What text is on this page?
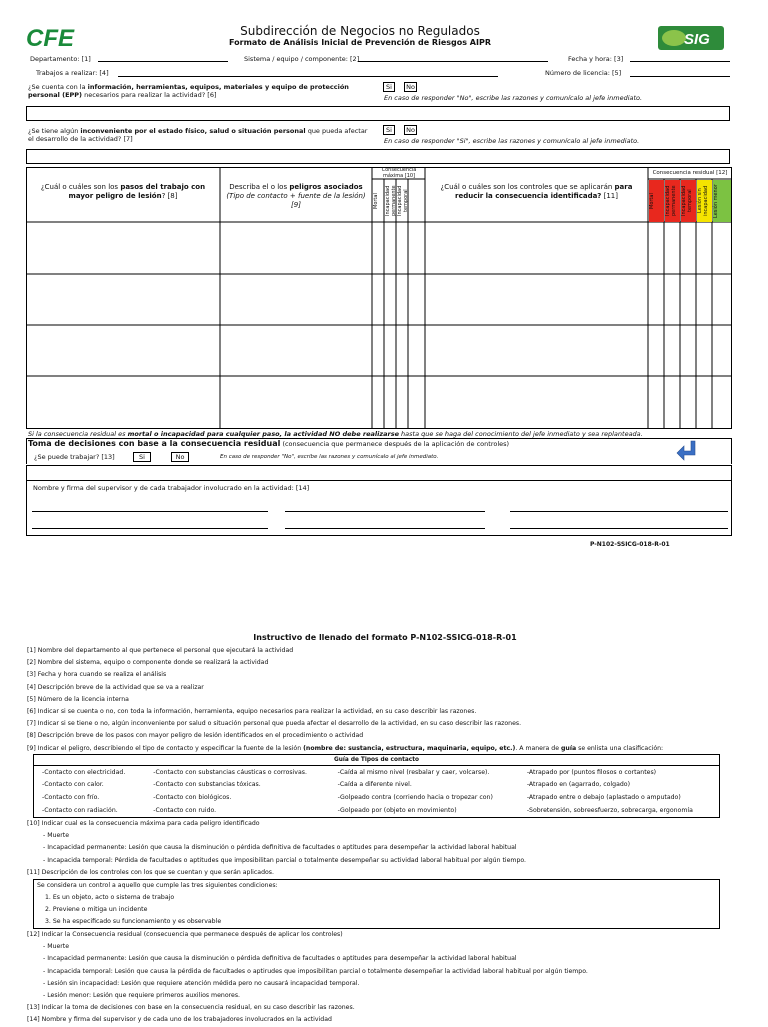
CFE	Subdirección de Negocios no Regulados
Formato de Análisis Inicial de Prevención de Riesgos AIPR	SIG
Departamento: [1]	Sistema / equipo / componente: [2]	Fecha y hora: [3]
Trabajos a realizar: [4]	Número de licencia: [5]
¿Se cuenta con la información, herramientas, equipos, materiales y equipo de protección personal (EPP) necesarios para realizar la actividad? [6]
Si	No
En caso de responder "No", escribe las razones y comunícalo al jefe inmediato.
¿Se tiene algún inconveniente por el estado físico, salud o situación personal que pueda afectar el desarrollo de la actividad? [7]
Si	No
En caso de responder "Si", escribe las razones y comunícalo al jefe inmediato.
¿Cuál o cuáles son los pasos del trabajo con mayor peligro de lesión? [8]
Describa el o los peligros asociados
(Tipo de contacto + fuente de la lesión) [9]
Consecuencia máxima [10]
Mortal	Incapacidad permanente Incapacidad temporal
¿Cuál o cuáles son los controles que se aplicarán para reducir la consecuencia identificada? [11]
Consecuencia residual [12]
Mortal	Incapacidad permanente Incapacidad temporal Lesión sin incapacidad Lesión menor
Si la consecuencia residual es mortal o incapacidad para cualquier paso, la actividad NO debe realizarse hasta que se haga del conocimiento del jefe inmediato y sea replanteada.
Toma de decisiones con base a la consecuencia residual (consecuencia que permanece después de la aplicación de controles)
¿Se puede trabajar? [13]	Si	No	En caso de responder "No", escribe las razones y comunícalo al jefe inmediato.
Nombre y firma del supervisor y de cada trabajador involucrado en la actividad: [14]
P-N102-SSICG-018-R-01
Instructivo de llenado del formato P-N102-SSICG-018-R-01
[1] Nombre del departamento al que pertenece el personal que ejecutará la actividad
[2] Nombre del sistema, equipo o componente donde se realizará la actividad
[3] Fecha y hora cuando se realiza el análisis
[4] Descripción breve de la actividad que se va a realizar
[5] Número de la licencia interna
[6] Indicar si se cuenta o no, con toda la información, herramienta, equipo necesarios para realizar la actividad, en su caso describir las razones.
[7] Indicar si se tiene o no, algún inconveniente por salud o situación personal que pueda afectar el desarrollo de la actividad, en su caso describir las razones.
[8] Descripción breve de los pasos con mayor peligro de lesión identificados en el procedimiento o actividad
[9] Indicar el peligro, describiendo el tipo de contacto y especificar la fuente de la lesión (nombre de: sustancia, estructura, maquinaria, equipo, etc.). A manera de guía se enlista una clasificación:
Guía de Tipos de contacto
-Contacto con electricidad.	-Contacto con substancias cáusticas o corrosivas.	-Caída al mismo nivel (resbalar y caer, volcarse).	-Atrapado por (puntos filosos o cortantes)
-Contacto con calor.	-Contacto con substancias tóxicas.	-Caída a diferente nivel.	-Atrapado en (agarrado, colgado)
-Contacto con frío.	-Contacto con biológicos.	-Golpeado contra (corriendo hacia o tropezar con)	-Atrapado entre o debajo (aplastado o amputado)
-Contacto con radiación.	-Contacto con ruido.	-Golpeado por (objeto en movimiento)	-Sobretensión, sobreesfuerzo, sobrecarga, ergonomía
[10] Indicar cual es la consecuencia máxima para cada peligro identificado
- Muerte
- Incapacidad permanente: Lesión que causa la disminución o pérdida definitiva de facultades o aptitudes para desempeñar la actividad laboral habitual
- Incapacida temporal: Pérdida de facultades o aptitudes que imposibilitan parcial o totalmente desempeñar su actividad laboral habitual por algún tiempo.
[11] Descripción de los controles con los que se cuentan y que serán aplicados.
Se considera un control a aquello que cumple las tres siguientes condiciones:
1. Es un objeto, acto o sistema de trabajo
2. Previene o mitiga un incidente
3. Se ha especificado su funcionamiento y es observable
[12] Indicar la Consecuencia residual (consecuencia que permanece después de aplicar los controles)
- Muerte
- Incapacidad permanente: Lesión que causa la disminución o pérdida definitiva de facultades o aptitudes para desempeñar la actividad laboral habitual
- Incapacida temporal: Lesión que causa la pérdida de facultades o aptirudes que imposibilitan parcial o totalmente desempeñar la actividad laboral habitual por algún tiempo.
- Lesión sin incapacidad: Lesión que requiere atención médida pero no causará incapacidad temporal.
- Lesión menor: Lesión que requiere primeros auxilios menores.
[13] Indicar la toma de decisiones con base en la consecuencia residual, en su caso describir las razones.
[14] Nombre y firma del supervisor y de cada uno de los trabajadores involucrados en la actividad
